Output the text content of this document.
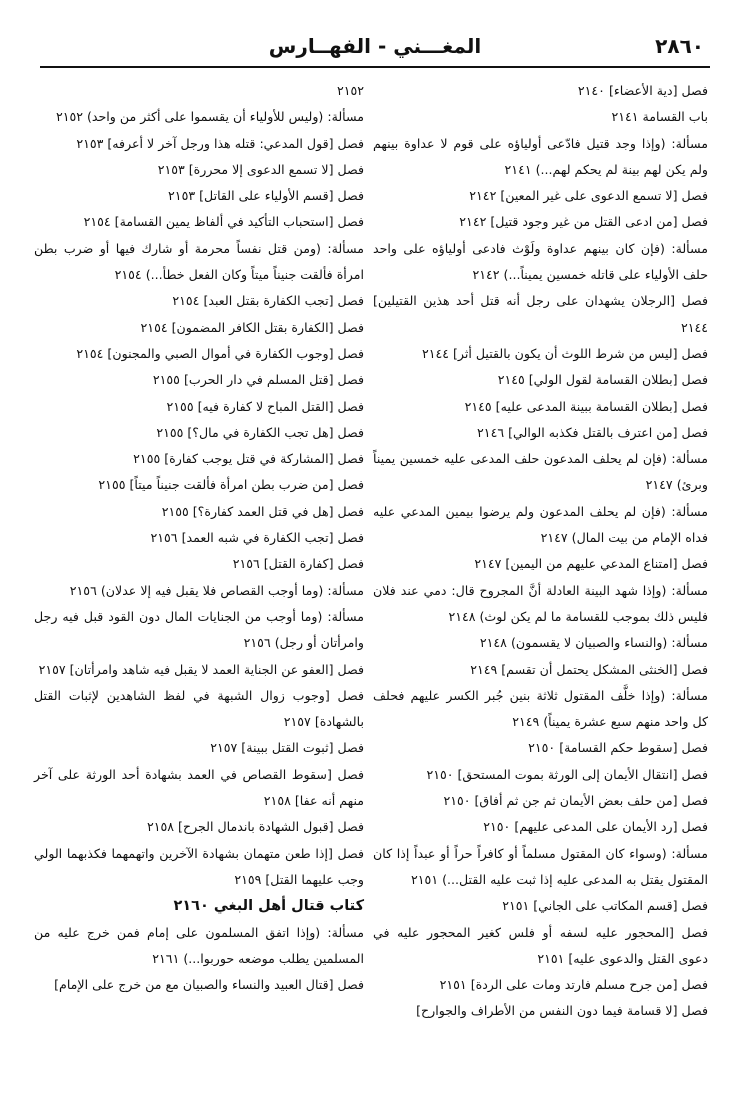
٢٨٦٠
المغـــني - الفهــارس

فصل [دية الأعضاء] ٢١٤٠

باب القسامة ٢١٤١

مسألة: (وإذا وجد قتيل فادّعى أولياؤه على قوم لا عداوة بينهم ولم يكن لهم بينة لم يحكم لهم...) ٢١٤١

فصل [لا تسمع الدعوى على غير المعين] ٢١٤٢

فصل [من ادعى القتل من غير وجود قتيل] ٢١٤٢

مسألة: (فإن كان بينهم عداوة ولَوْث فادعى أولياؤه على واحد حلف الأولياء على قاتله خمسين يميناً...) ٢١٤٢

فصل [الرجلان يشهدان على رجل أنه قتل أحد هذين القتيلين] ٢١٤٤

فصل [ليس من شرط اللوث أن يكون بالقتيل أثر] ٢١٤٤

فصل [بطلان القسامة لقول الولي] ٢١٤٥

فصل [بطلان القسامة ببينة المدعى عليه] ٢١٤٥

فصل [من اعترف بالقتل فكذبه الوالي] ٢١٤٦

مسألة: (فإن لم يحلف المدعون حلف المدعى عليه خمسين يميناً وبرئ) ٢١٤٧

مسألة: (فإن لم يحلف المدعون ولم يرضوا بيمين المدعي عليه فداه الإمام من بيت المال) ٢١٤٧

فصل [امتناع المدعي عليهم من اليمين] ٢١٤٧

مسألة: (وإذا شهد البينة العادلة أنَّ المجروح قال: دمي عند فلان فليس ذلك بموجب للقسامة ما لم يكن لوث) ٢١٤٨

مسألة: (والنساء والصبيان لا يقسمون) ٢١٤٨

فصل [الخنثى المشكل يحتمل أن تقسم] ٢١٤٩

مسألة: (وإذا خلَّف المقتول ثلاثة بنين جُبر الكسر عليهم فحلف كل واحد منهم سبع عشرة يميناً) ٢١٤٩

فصل [سقوط حكم القسامة] ٢١٥٠

فصل [انتقال الأيمان إلى الورثة بموت المستحق] ٢١٥٠

فصل [من حلف بعض الأيمان ثم جن ثم أفاق] ٢١٥٠

فصل [رد الأيمان على المدعى عليهم] ٢١٥٠

مسألة: (وسواء كان المقتول مسلماً أو كافراً حراً أو عبداً إذا كان المقتول يقتل به المدعى عليه إذا ثبت عليه القتل...) ٢١٥١

فصل [قسم المكاتب على الجاني] ٢١٥١

فصل [المحجور عليه لسفه أو فلس كغير المحجور عليه في دعوى القتل والدعوى عليه] ٢١٥١

فصل [من جرح مسلم فارتد ومات على الردة] ٢١٥١

فصل [لا قسامة فيما دون النفس من الأطراف والجوارح]

٢١٥٢

مسألة: (وليس للأولياء أن يقسموا على أكثر من واحد) ٢١٥٢

فصل [قول المدعي: قتله هذا ورجل آخر لا أعرفه] ٢١٥٣

فصل [لا تسمع الدعوى إلا محررة] ٢١٥٣

فصل [قسم الأولياء على القاتل] ٢١٥٣

فصل [استحباب التأكيد في ألفاظ يمين القسامة] ٢١٥٤

مسألة: (ومن قتل نفساً محرمة أو شارك فيها أو ضرب بطن امرأة فألقت جنيناً ميتاً وكان الفعل خطأ...) ٢١٥٤

فصل [تجب الكفارة بقتل العبد] ٢١٥٤

فصل [الكفارة بقتل الكافر المضمون] ٢١٥٤

فصل [وجوب الكفارة في أموال الصبي والمجنون] ٢١٥٤

فصل [قتل المسلم في دار الحرب] ٢١٥٥

فصل [القتل المباح لا كفارة فيه] ٢١٥٥

فصل [هل تجب الكفارة في مال؟] ٢١٥٥

فصل [المشاركة في قتل يوجب كفارة] ٢١٥٥

فصل [من ضرب بطن امرأة فألقت جنيناً ميتاً] ٢١٥٥

فصل [هل في قتل العمد كفارة؟] ٢١٥٥

فصل [تجب الكفارة في شبه العمد] ٢١٥٦

فصل [كفارة القتل] ٢١٥٦

مسألة: (وما أوجب القصاص فلا يقبل فيه إلا عدلان) ٢١٥٦

مسألة: (وما أوجب من الجنايات المال دون القود قبل فيه رجل وامرأتان أو رجل) ٢١٥٦

فصل [العفو عن الجناية العمد لا يقبل فيه شاهد وامرأتان] ٢١٥٧

فصل [وجوب زوال الشبهة في لفظ الشاهدين لإثبات القتل بالشهادة] ٢١٥٧

فصل [ثبوت القتل ببينة] ٢١٥٧

فصل [سقوط القصاص في العمد بشهادة أحد الورثة على آخر منهم أنه عفا] ٢١٥٨

فصل [قبول الشهادة باندمال الجرح] ٢١٥٨

فصل [إذا طعن متهمان بشهادة الآخرين واتهمهما فكذبهما الولي وجب عليهما القتل] ٢١٥٩

كتاب قتال أهل البغي ٢١٦٠

مسألة: (وإذا اتفق المسلمون على إمام فمن خرج عليه من المسلمين يطلب موضعه حوربوا...) ٢١٦١

فصل [قتال العبيد والنساء والصبيان مع من خرج على الإمام]
